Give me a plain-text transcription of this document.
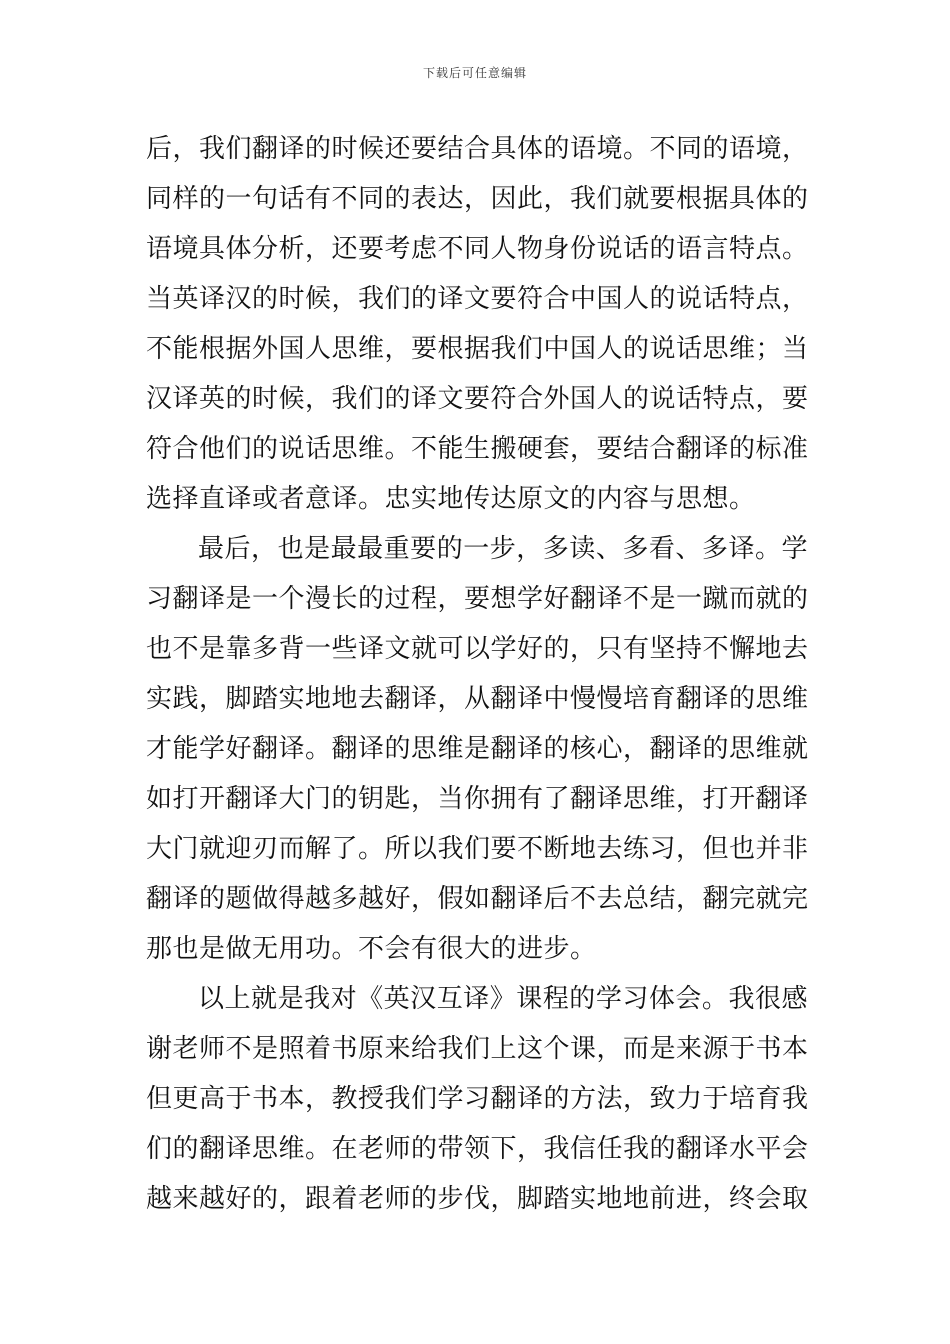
下载后可任意编辑
后，我们翻译的时候还要结合具体的语境。不同的语境，
同样的一句话有不同的表达，因此，我们就要根据具体的
语境具体分析，还要考虑不同人物身份说话的语言特点。
当英译汉的时候，我们的译文要符合中国人的说话特点，
不能根据外国人思维，要根据我们中国人的说话思维；当
汉译英的时候，我们的译文要符合外国人的说话特点，要
符合他们的说话思维。不能生搬硬套，要结合翻译的标准
选择直译或者意译。忠实地传达原文的内容与思想。
最后，也是最最重要的一步，多读、多看、多译。学
习翻译是一个漫长的过程，要想学好翻译不是一蹴而就的
也不是靠多背一些译文就可以学好的，只有坚持不懈地去
实践，脚踏实地地去翻译，从翻译中慢慢培育翻译的思维
才能学好翻译。翻译的思维是翻译的核心，翻译的思维就
如打开翻译大门的钥匙，当你拥有了翻译思维，打开翻译
大门就迎刃而解了。所以我们要不断地去练习，但也并非
翻译的题做得越多越好，假如翻译后不去总结，翻完就完
那也是做无用功。不会有很大的进步。
以上就是我对《英汉互译》课程的学习体会。我很感
谢老师不是照着书原来给我们上这个课，而是来源于书本
但更高于书本，教授我们学习翻译的方法，致力于培育我
们的翻译思维。在老师的带领下，我信任我的翻译水平会
越来越好的，跟着老师的步伐，脚踏实地地前进，终会取
